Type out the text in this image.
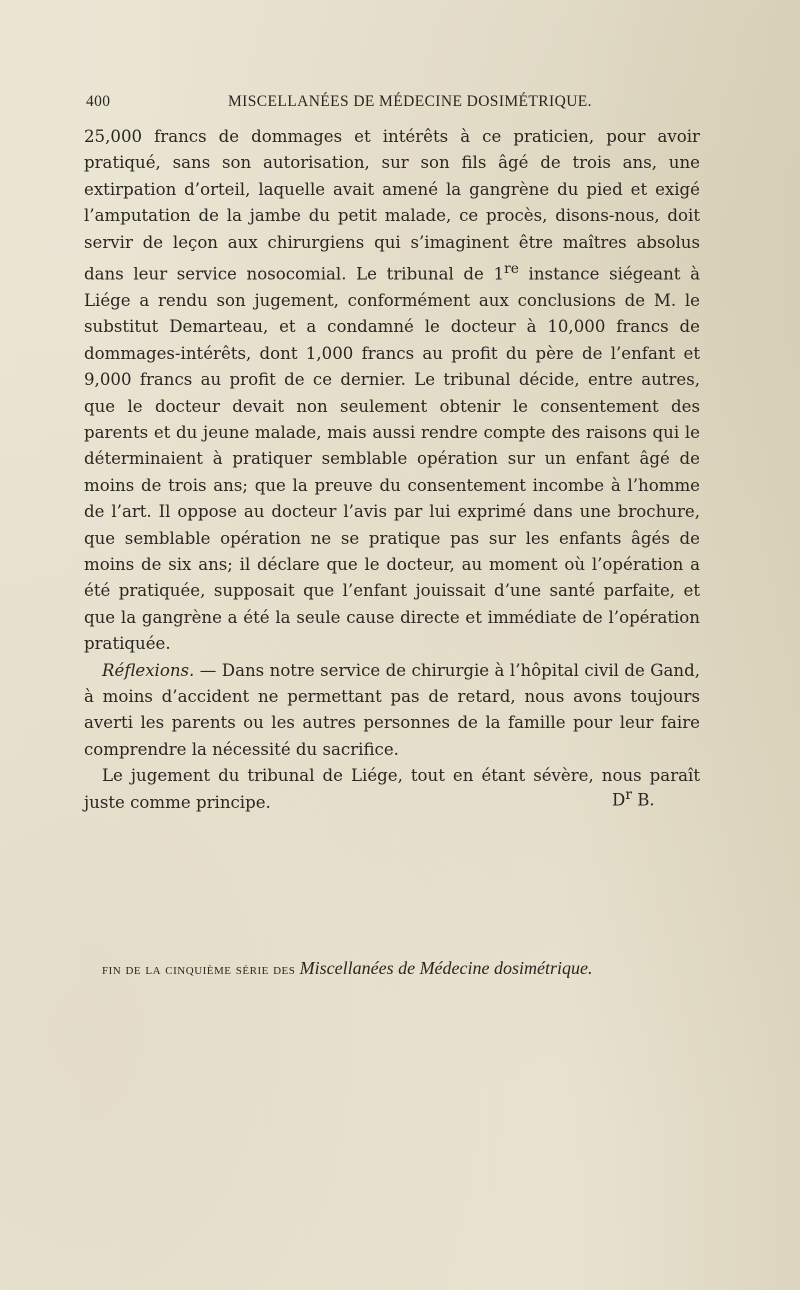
400	MISCELLANÉES DE MÉDECINE DOSIMÉTRIQUE.

25,000 francs de dommages et intérêts à ce praticien, pour avoir pratiqué, sans son autorisation, sur son fils âgé de trois ans, une extirpation d’orteil, laquelle avait amené la gangrène du pied et exigé l’amputation de la jambe du petit malade, ce procès, disons-nous, doit servir de leçon aux chirurgiens qui s’imaginent être maîtres absolus dans leur service nosocomial. Le tribunal de 1re instance siégeant à Liége a rendu son jugement, conformément aux conclusions de M. le substitut Demarteau, et a condamné le docteur à 10,000 francs de dommages-intérêts, dont 1,000 francs au profit du père de l’enfant et 9,000 francs au profit de ce dernier. Le tribunal décide, entre autres, que le docteur devait non seulement obtenir le consentement des parents et du jeune malade, mais aussi rendre compte des raisons qui le déterminaient à pratiquer semblable opération sur un enfant âgé de moins de trois ans; que la preuve du consentement incombe à l’homme de l’art. Il oppose au docteur l’avis par lui exprimé dans une brochure, que semblable opération ne se pratique pas sur les enfants âgés de moins de six ans; il déclare que le docteur, au moment où l’opération a été pratiquée, supposait que l’enfant jouissait d’une santé parfaite, et que la gangrène a été la seule cause directe et immédiate de l’opération pratiquée.

Réflexions. — Dans notre service de chirurgie à l’hôpital civil de Gand, à moins d’accident ne permettant pas de retard, nous avons toujours averti les parents ou les autres personnes de la famille pour leur faire comprendre la nécessité du sacrifice.

Le jugement du tribunal de Liége, tout en étant sévère, nous paraît juste comme principe.	$D^r$ B.
fin de la cinquième série des Miscellanées de Médecine dosimétrique.
